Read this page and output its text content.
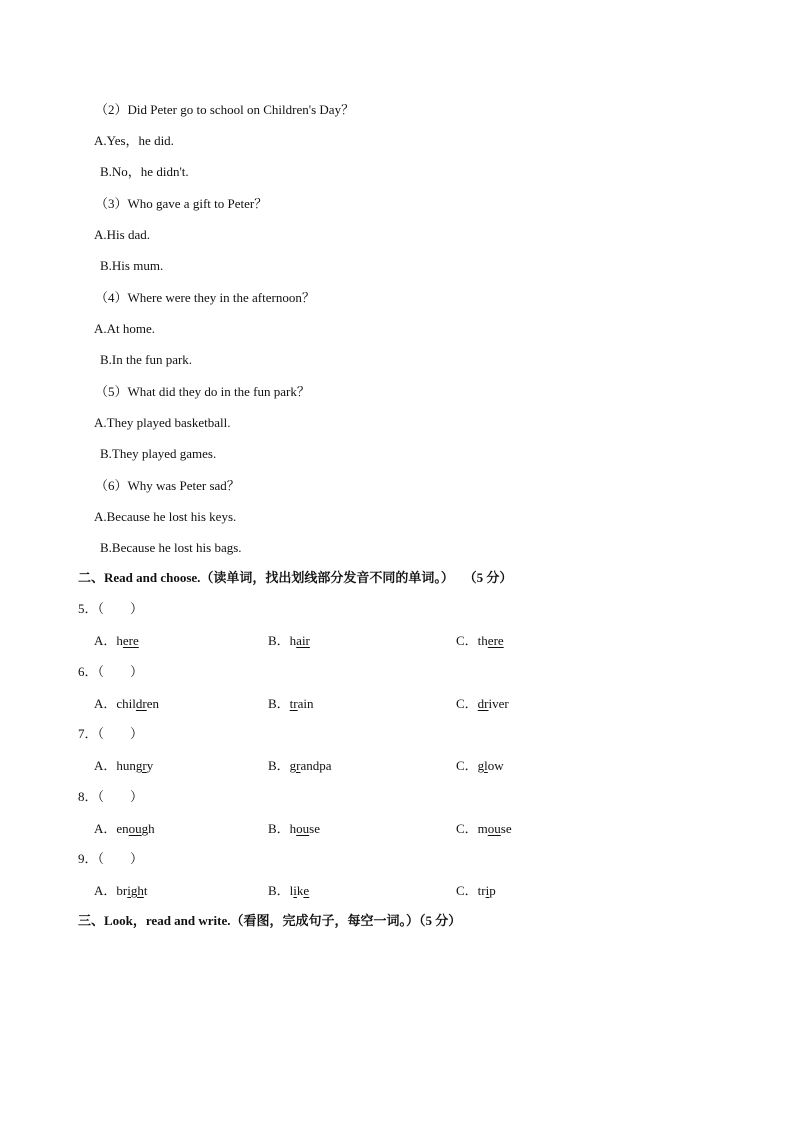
（2）Did Peter go to school on Children's Day？
A.Yes，he did.
B.No，he didn't.
（3）Who gave a gift to Peter？
A.His dad.
B.His mum.
（4）Where were they in the afternoon？
A.At home.
B.In the fun park.
（5）What did they do in the fun park？
A.They played basketball.
B.They played games.
（6）Why was Peter sad？
A.Because he lost his keys.
B.Because he lost his bags.
二、Read and choose.（读单词，找出划线部分发音不同的单词。）   （5 分）
5．（　　）
A．here	B．hair	C．there
6．（　　）
A．children	B．train	C．driver
7．（　　）
A．hungry	B．grandpa	C．glow
8．（　　）
A．enough	B．house	C．mouse
9．（　　）
A．bright	B．like	C．trip
三、Look，read and write.（看图，完成句子，每空一词。）（5 分）
